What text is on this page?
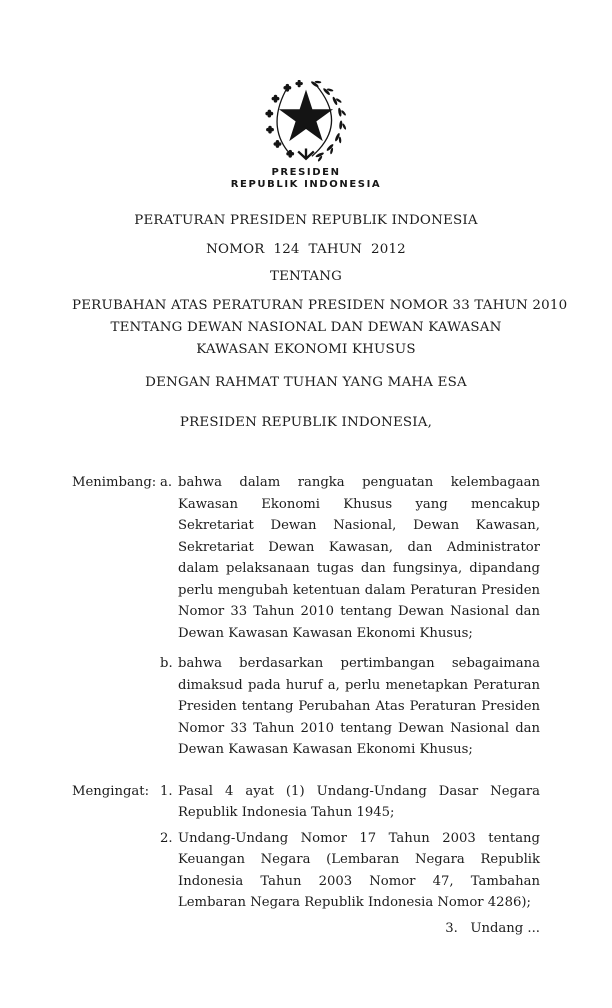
PRESIDEN
REPUBLIK INDONESIA
PERATURAN PRESIDEN REPUBLIK INDONESIA
NOMOR  124  TAHUN  2012
TENTANG
PERUBAHAN ATAS PERATURAN PRESIDEN NOMOR 33 TAHUN 2010
TENTANG DEWAN NASIONAL DAN DEWAN KAWASAN
KAWASAN EKONOMI KHUSUS
DENGAN RAHMAT TUHAN YANG MAHA ESA
PRESIDEN REPUBLIK INDONESIA,
Menimbang : a. bahwa dalam rangka penguatan kelembagaan Kawasan Ekonomi Khusus yang mencakup Sekretariat Dewan Nasional, Dewan Kawasan, Sekretariat Dewan Kawasan, dan Administrator dalam pelaksanaan tugas dan fungsinya, dipandang perlu mengubah ketentuan dalam Peraturan Presiden Nomor 33 Tahun 2010 tentang Dewan Nasional dan Dewan Kawasan Kawasan Ekonomi Khusus;
b. bahwa berdasarkan pertimbangan sebagaimana dimaksud pada huruf a, perlu menetapkan Peraturan Presiden tentang Perubahan Atas Peraturan Presiden Nomor 33 Tahun 2010 tentang Dewan Nasional dan Dewan Kawasan Kawasan Ekonomi Khusus;
Mengingat : 1. Pasal 4 ayat (1) Undang-Undang Dasar Negara Republik Indonesia Tahun 1945;
2. Undang-Undang Nomor 17 Tahun 2003 tentang Keuangan Negara (Lembaran Negara Republik Indonesia Tahun 2003 Nomor 47, Tambahan Lembaran Negara Republik Indonesia Nomor 4286);
3.   Undang ...
